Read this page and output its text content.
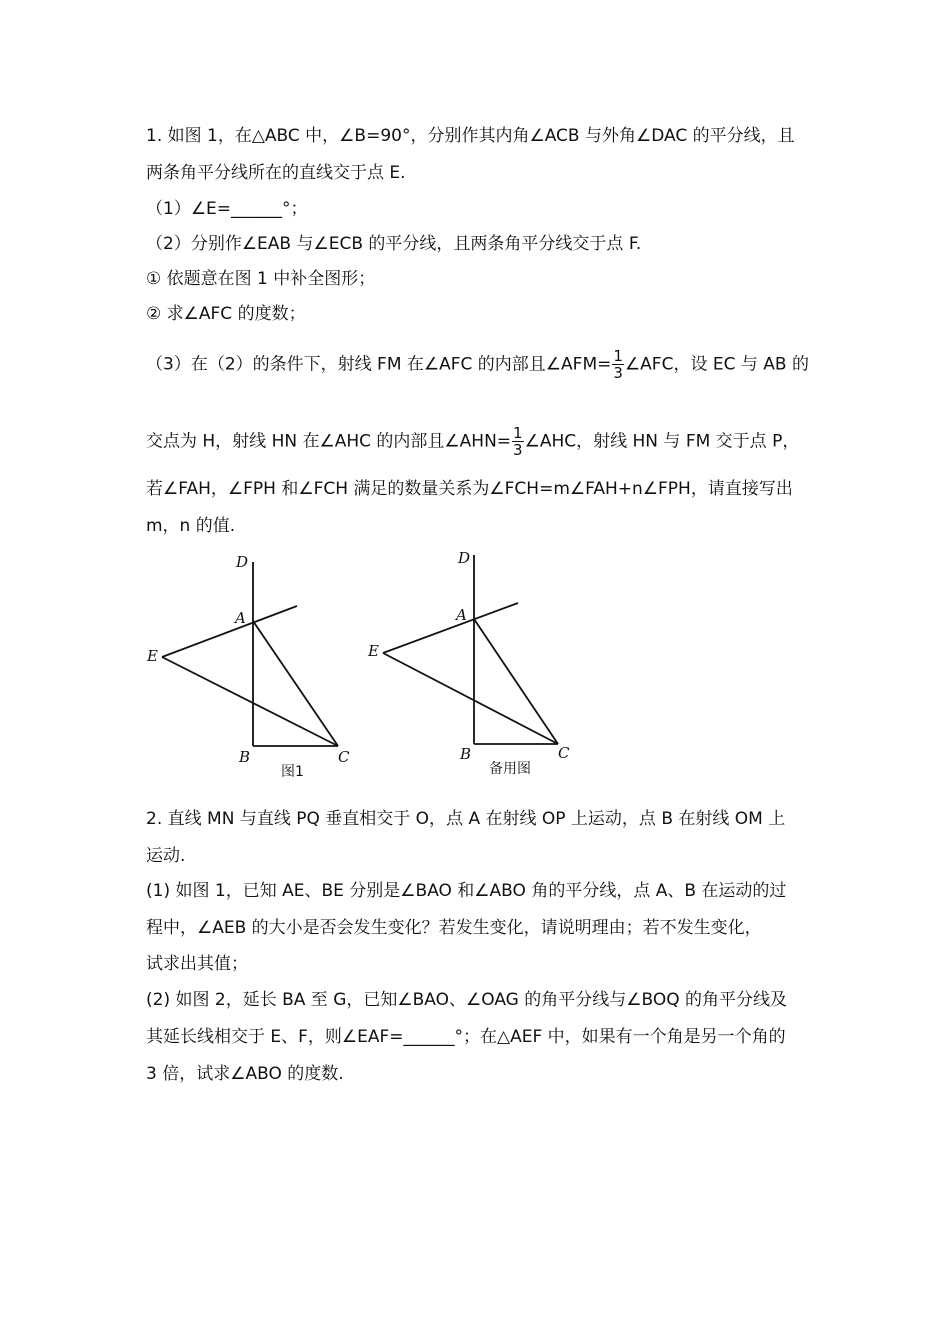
1. 如图 1，在△ABC 中，∠B=90°，分别作其内角∠ACB 与外角∠DAC 的平分线，且
两条角平分线所在的直线交于点 E.
（1）∠E=______°；
（2）分别作∠EAB 与∠ECB 的平分线，且两条角平分线交于点 F.
① 依题意在图 1 中补全图形；
② 求∠AFC 的度数；
（3）在（2）的条件下，射线 FM 在∠AFC 的内部且∠AFM= $\frac{1}{3}$ ∠AFC，设 EC 与 AB 的
交点为 H，射线 HN 在∠AHC 的内部且∠AHN= $\frac{1}{3}$ ∠AHC，射线 HN 与 FM 交于点 P，
若∠FAH，∠FPH 和∠FCH 满足的数量关系为∠FCH=m∠FAH+n∠FPH，请直接写出
m，n 的值.
D
A
E
B	C
图1
D
A
E
B	C
备用图
2. 直线 MN 与直线 PQ 垂直相交于 O，点 A 在射线 OP 上运动，点 B 在射线 OM 上
运动.
(1) 如图 1，已知 AE、BE 分别是∠BAO 和∠ABO 角的平分线，点 A、B 在运动的过
程中，∠AEB 的大小是否会发生变化？若发生变化，请说明理由；若不发生变化，
试求出其值；
(2) 如图 2，延长 BA 至 G，已知∠BAO、∠OAG 的角平分线与∠BOQ 的角平分线及
其延长线相交于 E、F，则∠EAF=______°；在△AEF 中，如果有一个角是另一个角的
3 倍，试求∠ABO 的度数.
